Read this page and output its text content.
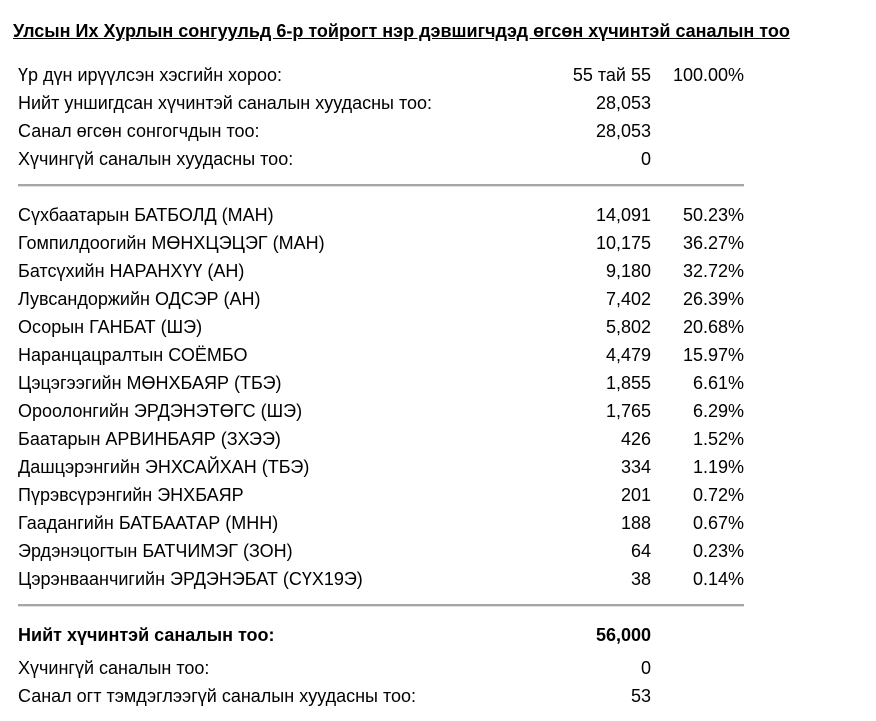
Улсын Их Хурлын сонгуульд 6-р тойрогт нэр дэвшигчдэд өгсөн хүчинтэй саналын тоо
Үр дүн ирүүлсэн хэсгийн хороо:	55 тай 55 100.00%
Нийт уншигдсан хүчинтэй саналын хуудасны тоо:	28,053
Санал өгсөн сонгогчдын тоо:	28,053
Хүчингүй саналын хуудасны тоо:	0
Сүхбаатарын БАТБОЛД (МАН)	14,091 50.23%
Гомпилдоогийн МӨНХЦЭЦЭГ (МАН)	10,175 36.27%
Батсүхийн НАРАНХҮҮ (АН)	9,180 32.72%
Лувсандоржийн ОДСЭР (АН)	7,402 26.39%
Осорын ГАНБАТ (ШЭ)	5,802 20.68%
Наранцацралтын СОЁМБО	4,479 15.97%
Цэцэгээгийн МӨНХБАЯР (ТБЭ)	1,855 6.61%
Ороолонгийн ЭРДЭНЭТӨГС (ШЭ)	1,765 6.29%
Баатарын АРВИНБАЯР (ЗХЭЭ)	426 1.52%
Дашцэрэнгийн ЭНХСАЙХАН (ТБЭ)	334 1.19%
Пүрэвсүрэнгийн ЭНХБАЯР	201 0.72%
Гаадангийн БАТБААТАР (МНН)	188 0.67%
Эрдэнэцогтын БАТЧИМЭГ (ЗОН)	64 0.23%
Цэрэнваанчигийн ЭРДЭНЭБАТ (СҮХ19Э)	38 0.14%
Нийт хүчинтэй саналын тоо:	56,000
Хүчингүй саналын тоо:	0
Санал огт тэмдэглээгүй саналын хуудасны тоо:	53
